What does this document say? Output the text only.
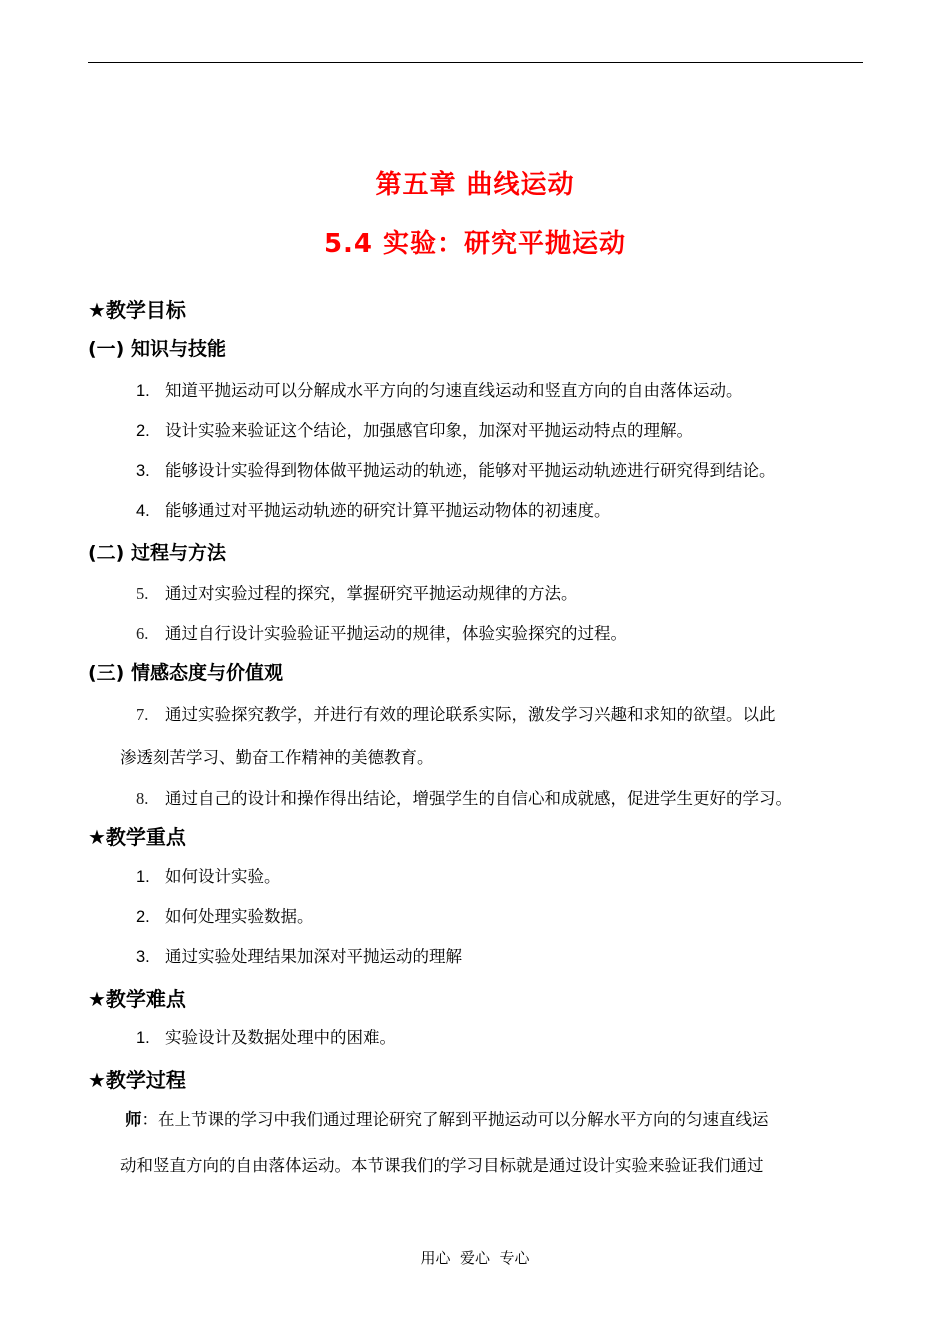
第五章 曲线运动
5.4 实验：研究平抛运动
★教学目标
(一) 知识与技能
1. 知道平抛运动可以分解成水平方向的匀速直线运动和竖直方向的自由落体运动。
2. 设计实验来验证这个结论，加强感官印象，加深对平抛运动特点的理解。
3. 能够设计实验得到物体做平抛运动的轨迹，能够对平抛运动轨迹进行研究得到结论。
4. 能够通过对平抛运动轨迹的研究计算平抛运动物体的初速度。
(二) 过程与方法
5. 通过对实验过程的探究，掌握研究平抛运动规律的方法。
6. 通过自行设计实验验证平抛运动的规律，体验实验探究的过程。
(三) 情感态度与价值观
7. 通过实验探究教学，并进行有效的理论联系实际，激发学习兴趣和求知的欲望。以此
渗透刻苦学习、勤奋工作精神的美德教育。
8. 通过自己的设计和操作得出结论，增强学生的自信心和成就感，促进学生更好的学习。
★教学重点
1. 如何设计实验。
2. 如何处理实验数据。
3. 通过实验处理结果加深对平抛运动的理解
★教学难点
1. 实验设计及数据处理中的困难。
★教学过程
师：在上节课的学习中我们通过理论研究了解到平抛运动可以分解水平方向的匀速直线运
动和竖直方向的自由落体运动。本节课我们的学习目标就是通过设计实验来验证我们通过
用心  爱心  专心
